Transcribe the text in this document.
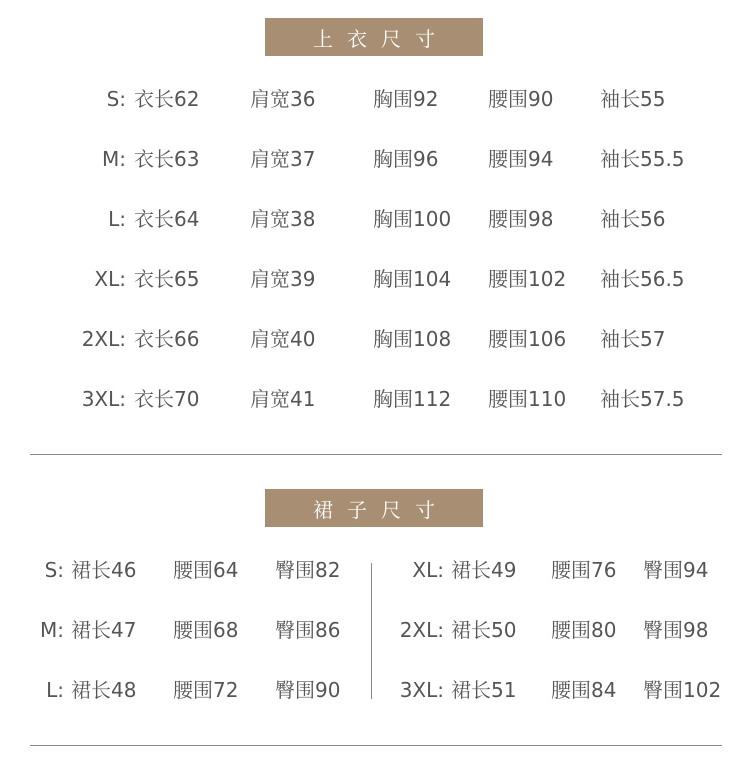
上衣尺寸
S: 衣长62	肩宽36	胸围92 腰围90 袖长55
M: 衣长63	肩宽37	胸围96 腰围94 袖长55.5
L: 衣长64	肩宽38	胸围100 腰围98 袖长56
XL: 衣长65	肩宽39	胸围104 腰围102 袖长56.5
2XL: 衣长66	肩宽40	胸围108 腰围106 袖长57
3XL: 衣长70	肩宽41	胸围112 腰围110 袖长57.5
裙子尺寸
S: 裙长46 腰围64 臀围82	XL: 裙长49 腰围76 臀围94
M: 裙长47 腰围68 臀围86	2XL: 裙长50 腰围80 臀围98
L: 裙长48 腰围72 臀围90	3XL: 裙长51 腰围84 臀围102
